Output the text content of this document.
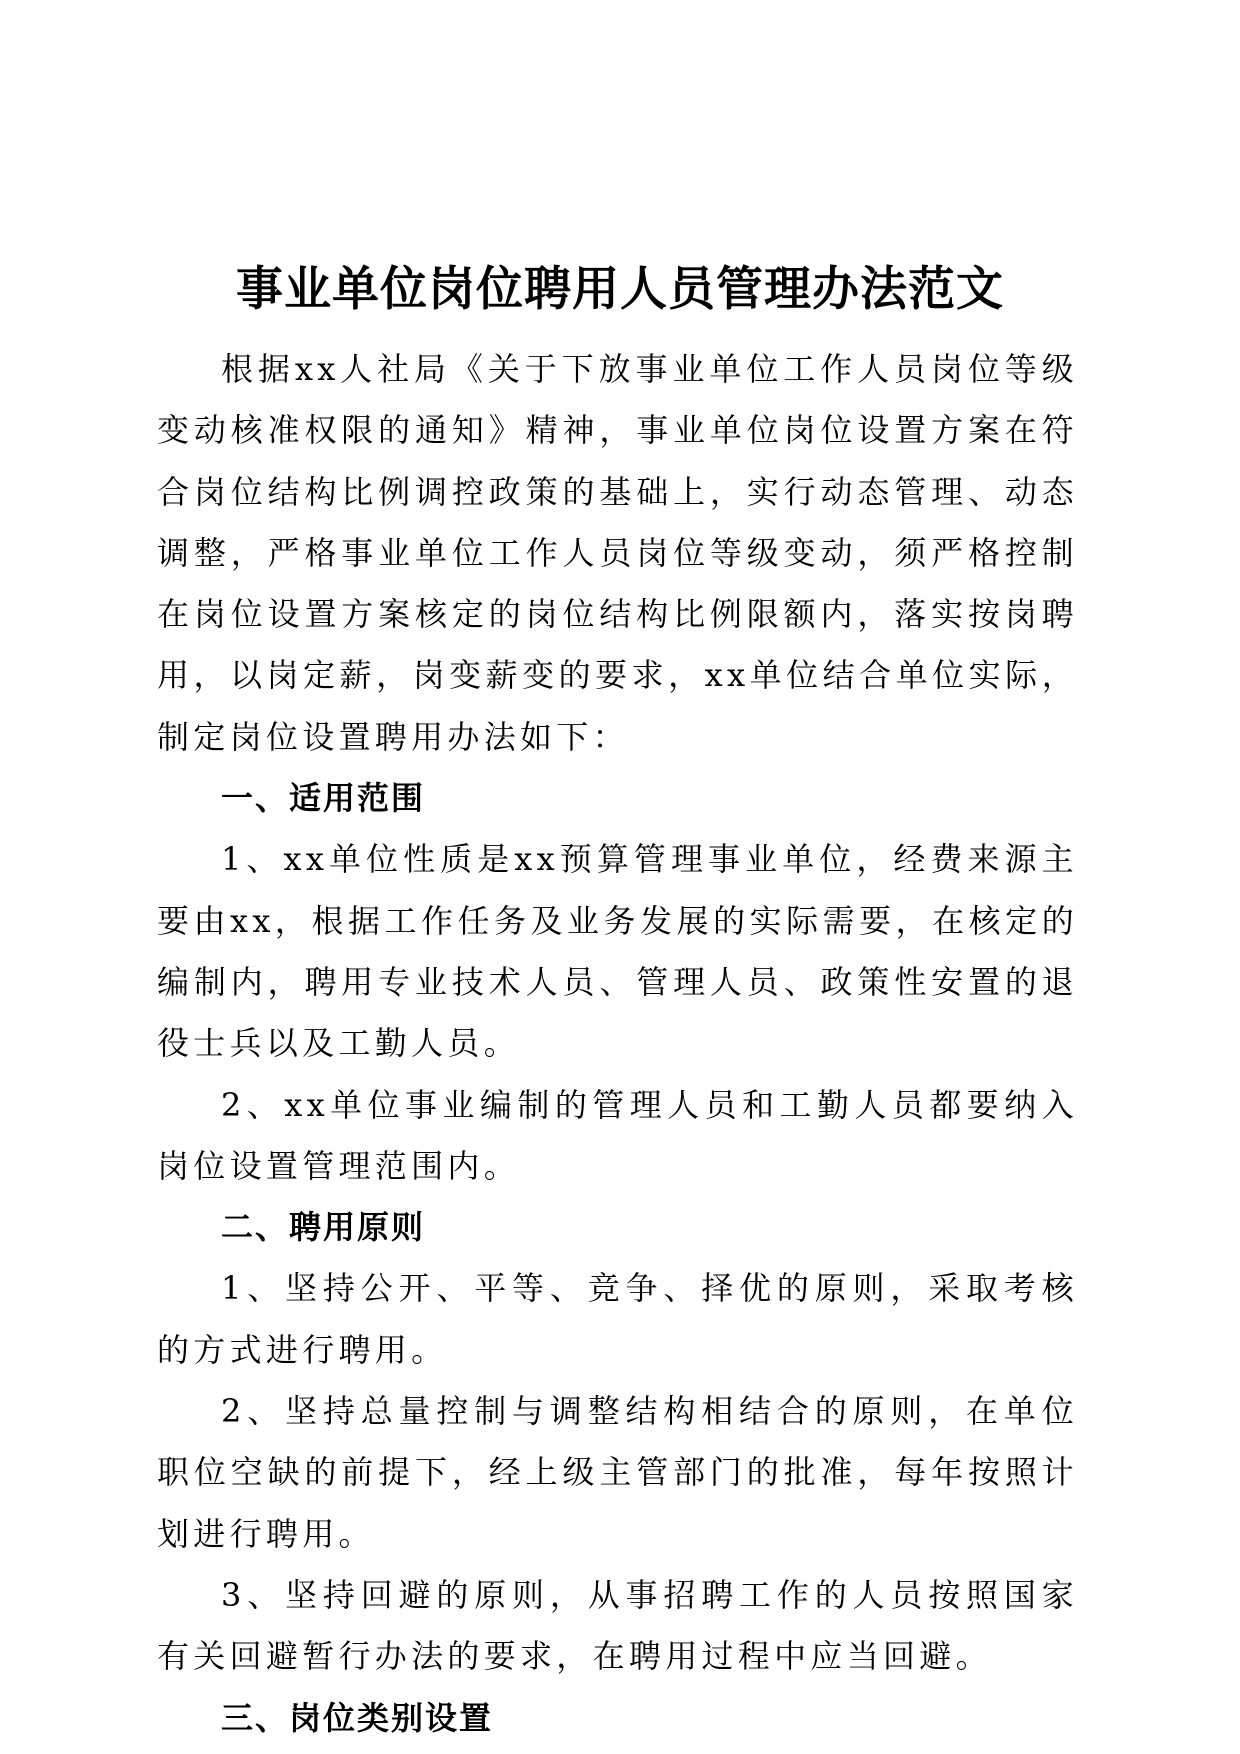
事业单位岗位聘用人员管理办法范文

根据xx人社局《关于下放事业单位工作人员岗位等级变动核准权限的通知》精神，事业单位岗位设置方案在符合岗位结构比例调控政策的基础上，实行动态管理、动态调整，严格事业单位工作人员岗位等级变动，须严格控制在岗位设置方案核定的岗位结构比例限额内，落实按岗聘用，以岗定薪，岗变薪变的要求，xx单位结合单位实际，制定岗位设置聘用办法如下：

一、适用范围

1、xx单位性质是xx预算管理事业单位，经费来源主要由xx，根据工作任务及业务发展的实际需要，在核定的编制内，聘用专业技术人员、管理人员、政策性安置的退役士兵以及工勤人员。

2、xx单位事业编制的管理人员和工勤人员都要纳入岗位设置管理范围内。

二、聘用原则

1、坚持公开、平等、竞争、择优的原则，采取考核的方式进行聘用。

2、坚持总量控制与调整结构相结合的原则，在单位职位空缺的前提下，经上级主管部门的批准，每年按照计划进行聘用。

3、坚持回避的原则，从事招聘工作的人员按照国家有关回避暂行办法的要求，在聘用过程中应当回避。

三、岗位类别设置
